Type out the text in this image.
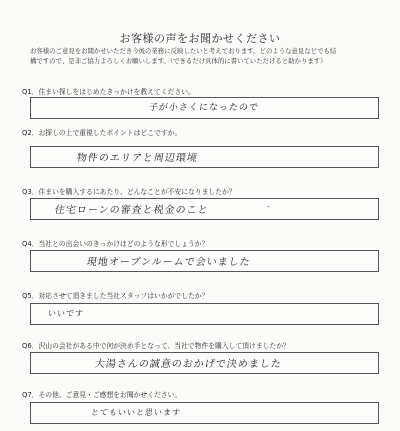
お客様の声をお聞かせください
お客様のご意見をお聞かせいただき今後の業務に反映したいと考えております。どのような意見などでも結
構ですので、是非ご協力よろしくお願いします。（できるだけ具体的に書いていただけると助かります）
Q1．住まい探しをはじめたきっかけを教えてください。
子が小さくになったので
Q2．お探しの上で重視したポイントはどこですか。
物件のエリアと周辺環境
Q3．住まいを購入するにあたり、どんなことが不安になりましたか？
住宅ローンの審査と税金のこと	-
Q4．当社との出会いのきっかけはどのような形でしょうか？
現地オープンルームで会いました
Q5．対応させて頂きました当社スタッフはいかがでしたか？
いいです
Q6．沢山の会社がある中で何が決め手となって、当社で物件を購入して頂けましたか？
大湯さんの誠意のおかげで決めました
Q7．その他、ご意見・ご感想をお聞かせください。
とてもいいと思います
